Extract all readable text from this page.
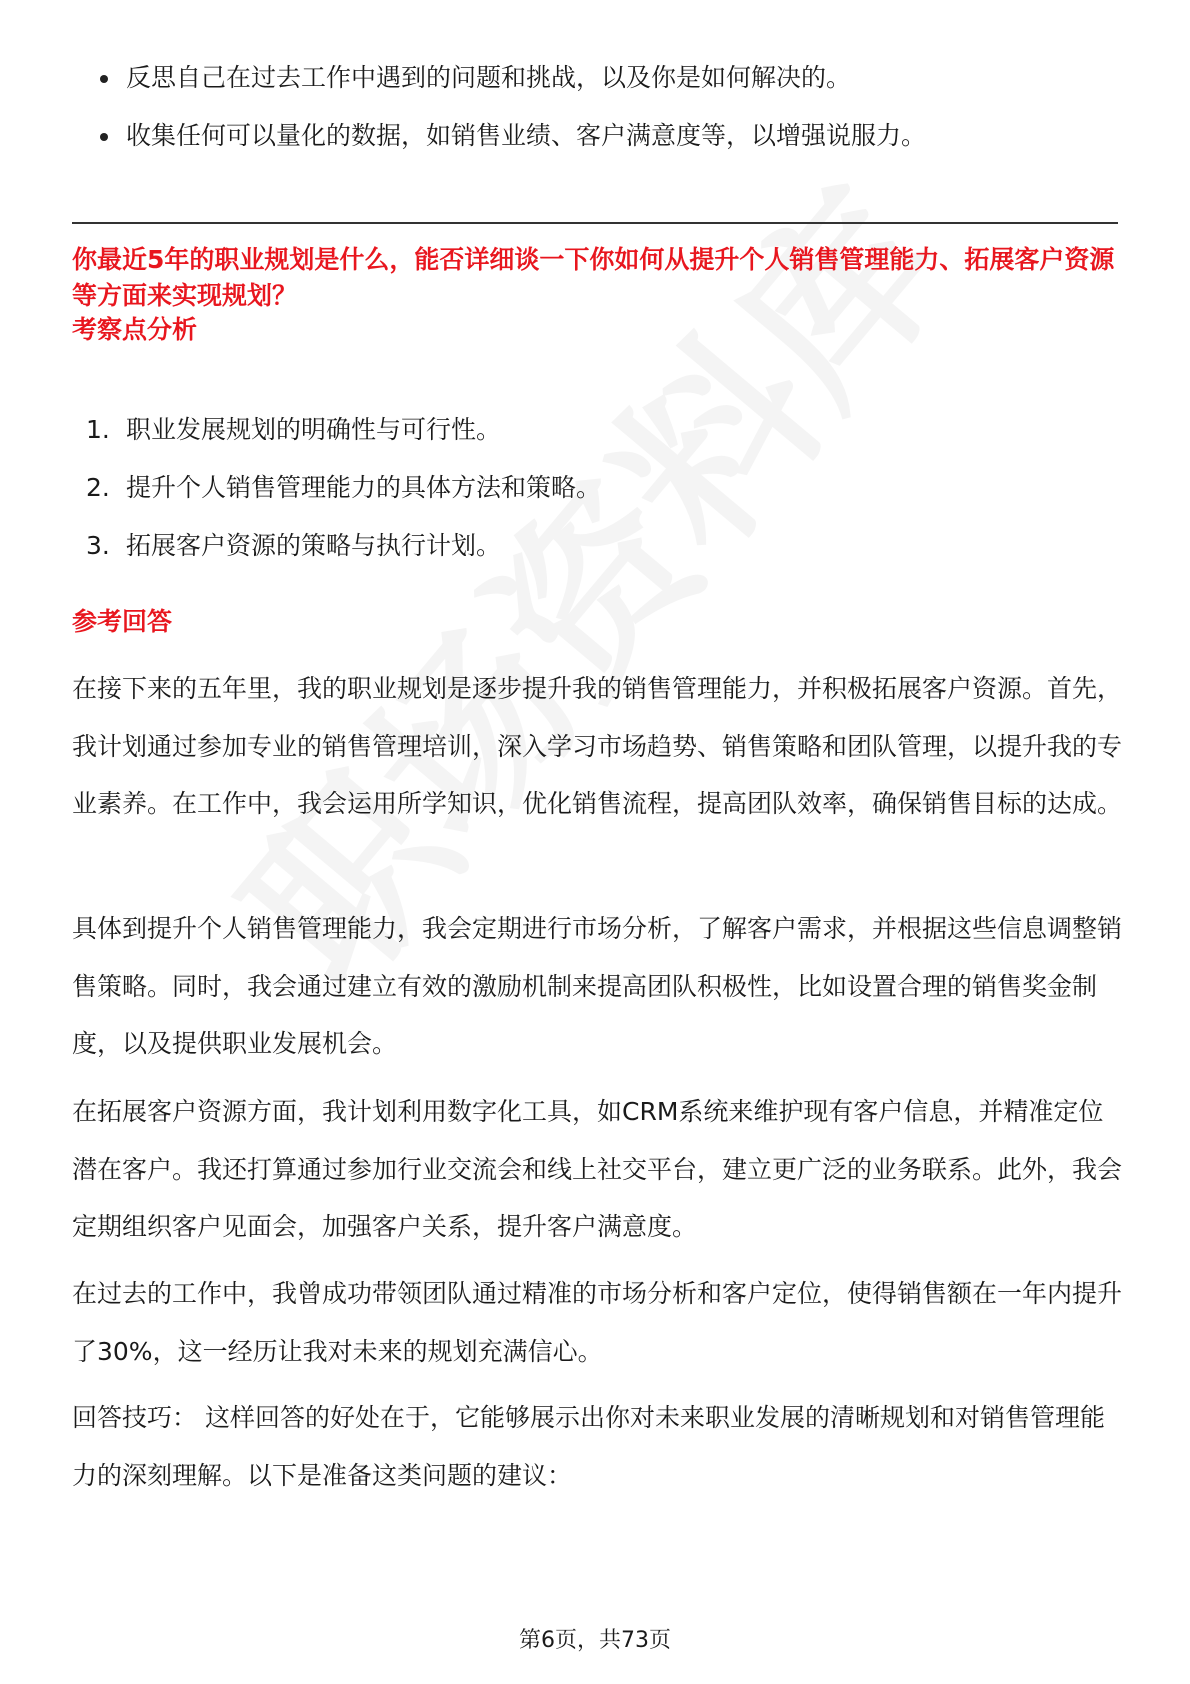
反思自己在过去工作中遇到的问题和挑战，以及你是如何解决的。
收集任何可以量化的数据，如销售业绩、客户满意度等，以增强说服力。

你最近5年的职业规划是什么，能否详细谈一下你如何从提升个人销售管理能力、拓展客户资源等方面来实现规划？

考察点分析

1. 职业发展规划的明确性与可行性。
2. 提升个人销售管理能力的具体方法和策略。
3. 拓展客户资源的策略与执行计划。

参考回答

在接下来的五年里，我的职业规划是逐步提升我的销售管理能力，并积极拓展客户资源。首先，我计划通过参加专业的销售管理培训，深入学习市场趋势、销售策略和团队管理，以提升我的专业素养。在工作中，我会运用所学知识，优化销售流程，提高团队效率，确保销售目标的达成。

具体到提升个人销售管理能力，我会定期进行市场分析，了解客户需求，并根据这些信息调整销售策略。同时，我会通过建立有效的激励机制来提高团队积极性，比如设置合理的销售奖金制度，以及提供职业发展机会。

在拓展客户资源方面，我计划利用数字化工具，如CRM系统来维护现有客户信息，并精准定位潜在客户。我还打算通过参加行业交流会和线上社交平台，建立更广泛的业务联系。此外，我会定期组织客户见面会，加强客户关系，提升客户满意度。

在过去的工作中，我曾成功带领团队通过精准的市场分析和客户定位，使得销售额在一年内提升了30%，这一经历让我对未来的规划充满信心。

回答技巧： 这样回答的好处在于，它能够展示出你对未来职业发展的清晰规划和对销售管理能力的深刻理解。以下是准备这类问题的建议：

第6页，共73页
